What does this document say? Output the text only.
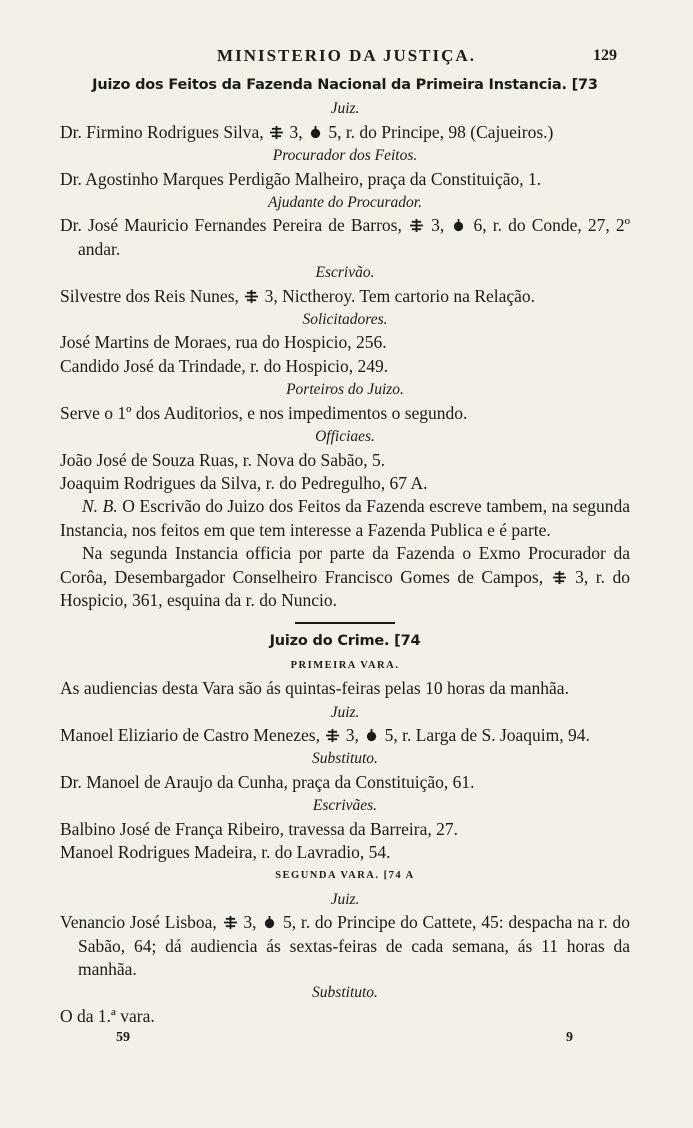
MINISTERIO DA JUSTIÇA.	129
Juizo dos Feitos da Fazenda Nacional da Primeira Instancia. [73
Juiz.
Dr. Firmino Rodrigues Silva, 3, 5, r. do Principe, 98 (Cajueiros.)
Procurador dos Feitos.
Dr. Agostinho Marques Perdigão Malheiro, praça da Constituição, 1.
Ajudante do Procurador.
Dr. José Mauricio Fernandes Pereira de Barros, 3, 6, r. do Conde, 27, 2º andar.
Escrivão.
Silvestre dos Reis Nunes, 3, Nictheroy. Tem cartorio na Relação.
Solicitadores.
José Martins de Moraes, rua do Hospicio, 256.
Candido José da Trindade, r. do Hospicio, 249.
Porteiros do Juizo.
Serve o 1º dos Auditorios, e nos impedimentos o segundo.
Officiaes.
João José de Souza Ruas, r. Nova do Sabão, 5.
Joaquim Rodrigues da Silva, r. do Pedregulho, 67 A.
N. B. O Escrivão do Juizo dos Feitos da Fazenda escreve tambem, na segunda Instancia, nos feitos em que tem interesse a Fazenda Publica e é parte.
Na segunda Instancia officia por parte da Fazenda o Exmo Procurador da Corôa, Desembargador Conselheiro Francisco Gomes de Campos, 3, r. do Hospicio, 361, esquina da r. do Nuncio.
Juizo do Crime. [74
PRIMEIRA VARA.
As audiencias desta Vara são ás quintas-feiras pelas 10 horas da manhãa.
Juiz.
Manoel Eliziario de Castro Menezes, 3, 5, r. Larga de S. Joaquim, 94.
Substituto.
Dr. Manoel de Araujo da Cunha, praça da Constituição, 61.
Escrivães.
Balbino José de França Ribeiro, travessa da Barreira, 27.
Manoel Rodrigues Madeira, r. do Lavradio, 54.
SEGUNDA VARA. [74 A
Juiz.
Venancio José Lisboa, 3, 5, r. do Principe do Cattete, 45: despacha na r. do Sabão, 64; dá audiencia ás sextas-feiras de cada semana, ás 11 horas da manhãa.
Substituto.
O da 1.ª vara.
59	9
